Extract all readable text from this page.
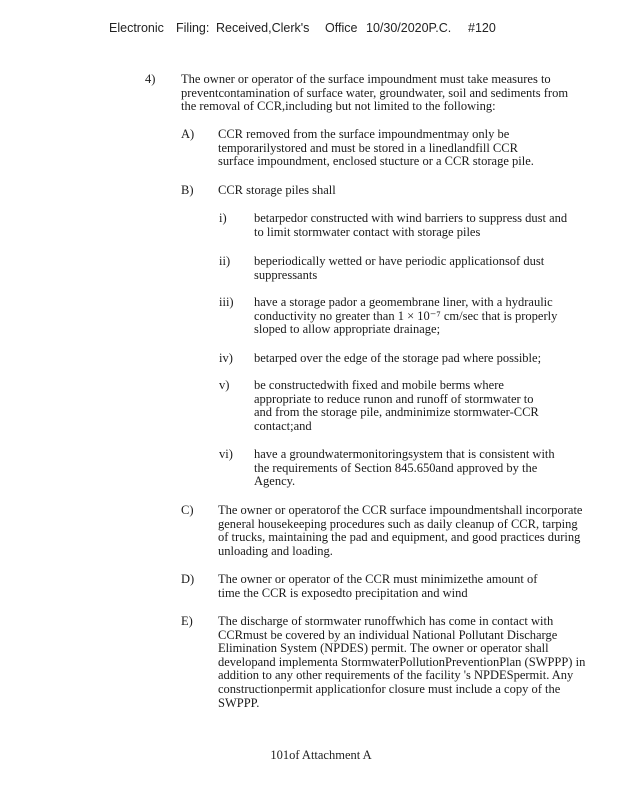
Electronic Filing: Received,Clerk's Office 10/30/2020P.C. #120
4) The owner or operator of the surface impoundment must take measures to preventcontamination of surface water, groundwater, soil and sediments from the removal of CCR,including but not limited to the following:
A) CCR removed from the surface impoundmentmay only be temporarilystored and must be stored in a linedlandfill CCR surface impoundment, enclosed stucture or a CCR storage pile.
B) CCR storage piles shall
i) betarpedor constructed with wind barriers to suppress dust and to limit stormwater contact with storage piles
ii) beperiodically wetted or have periodic applicationsof dust suppressants
iii) have a storage pador a geomembrane liner, with a hydraulic conductivity no greater than 1 × 10⁻⁷ cm/sec that is properly sloped to allow appropriate drainage;
iv) betarped over the edge of the storage pad where possible;
v) be constructedwith fixed and mobile berms where appropriate to reduce runon and runoff of stormwater to and from the storage pile, andminimize stormwater-CCR contact;and
vi) have a groundwatermonitoringsystem that is consistent with the requirements of Section 845.650and approved by the Agency.
C) The owner or operatorof the CCR surface impoundmentshall incorporate general housekeeping procedures such as daily cleanup of CCR, tarping of trucks, maintaining the pad and equipment, and good practices during unloading and loading.
D) The owner or operator of the CCR must minimizethe amount of time the CCR is exposedto precipitation and wind
E) The discharge of stormwater runoffwhich has come in contact with CCRmust be covered by an individual National Pollutant Discharge Elimination System (NPDES) permit. The owner or operator shall developand implementa StormwaterPollutionPreventionPlan (SWPPP) in addition to any other requirements of the facility 's NPDESpermit. Any constructionpermit applicationfor closure must include a copy of the SWPPP.
101of Attachment A
